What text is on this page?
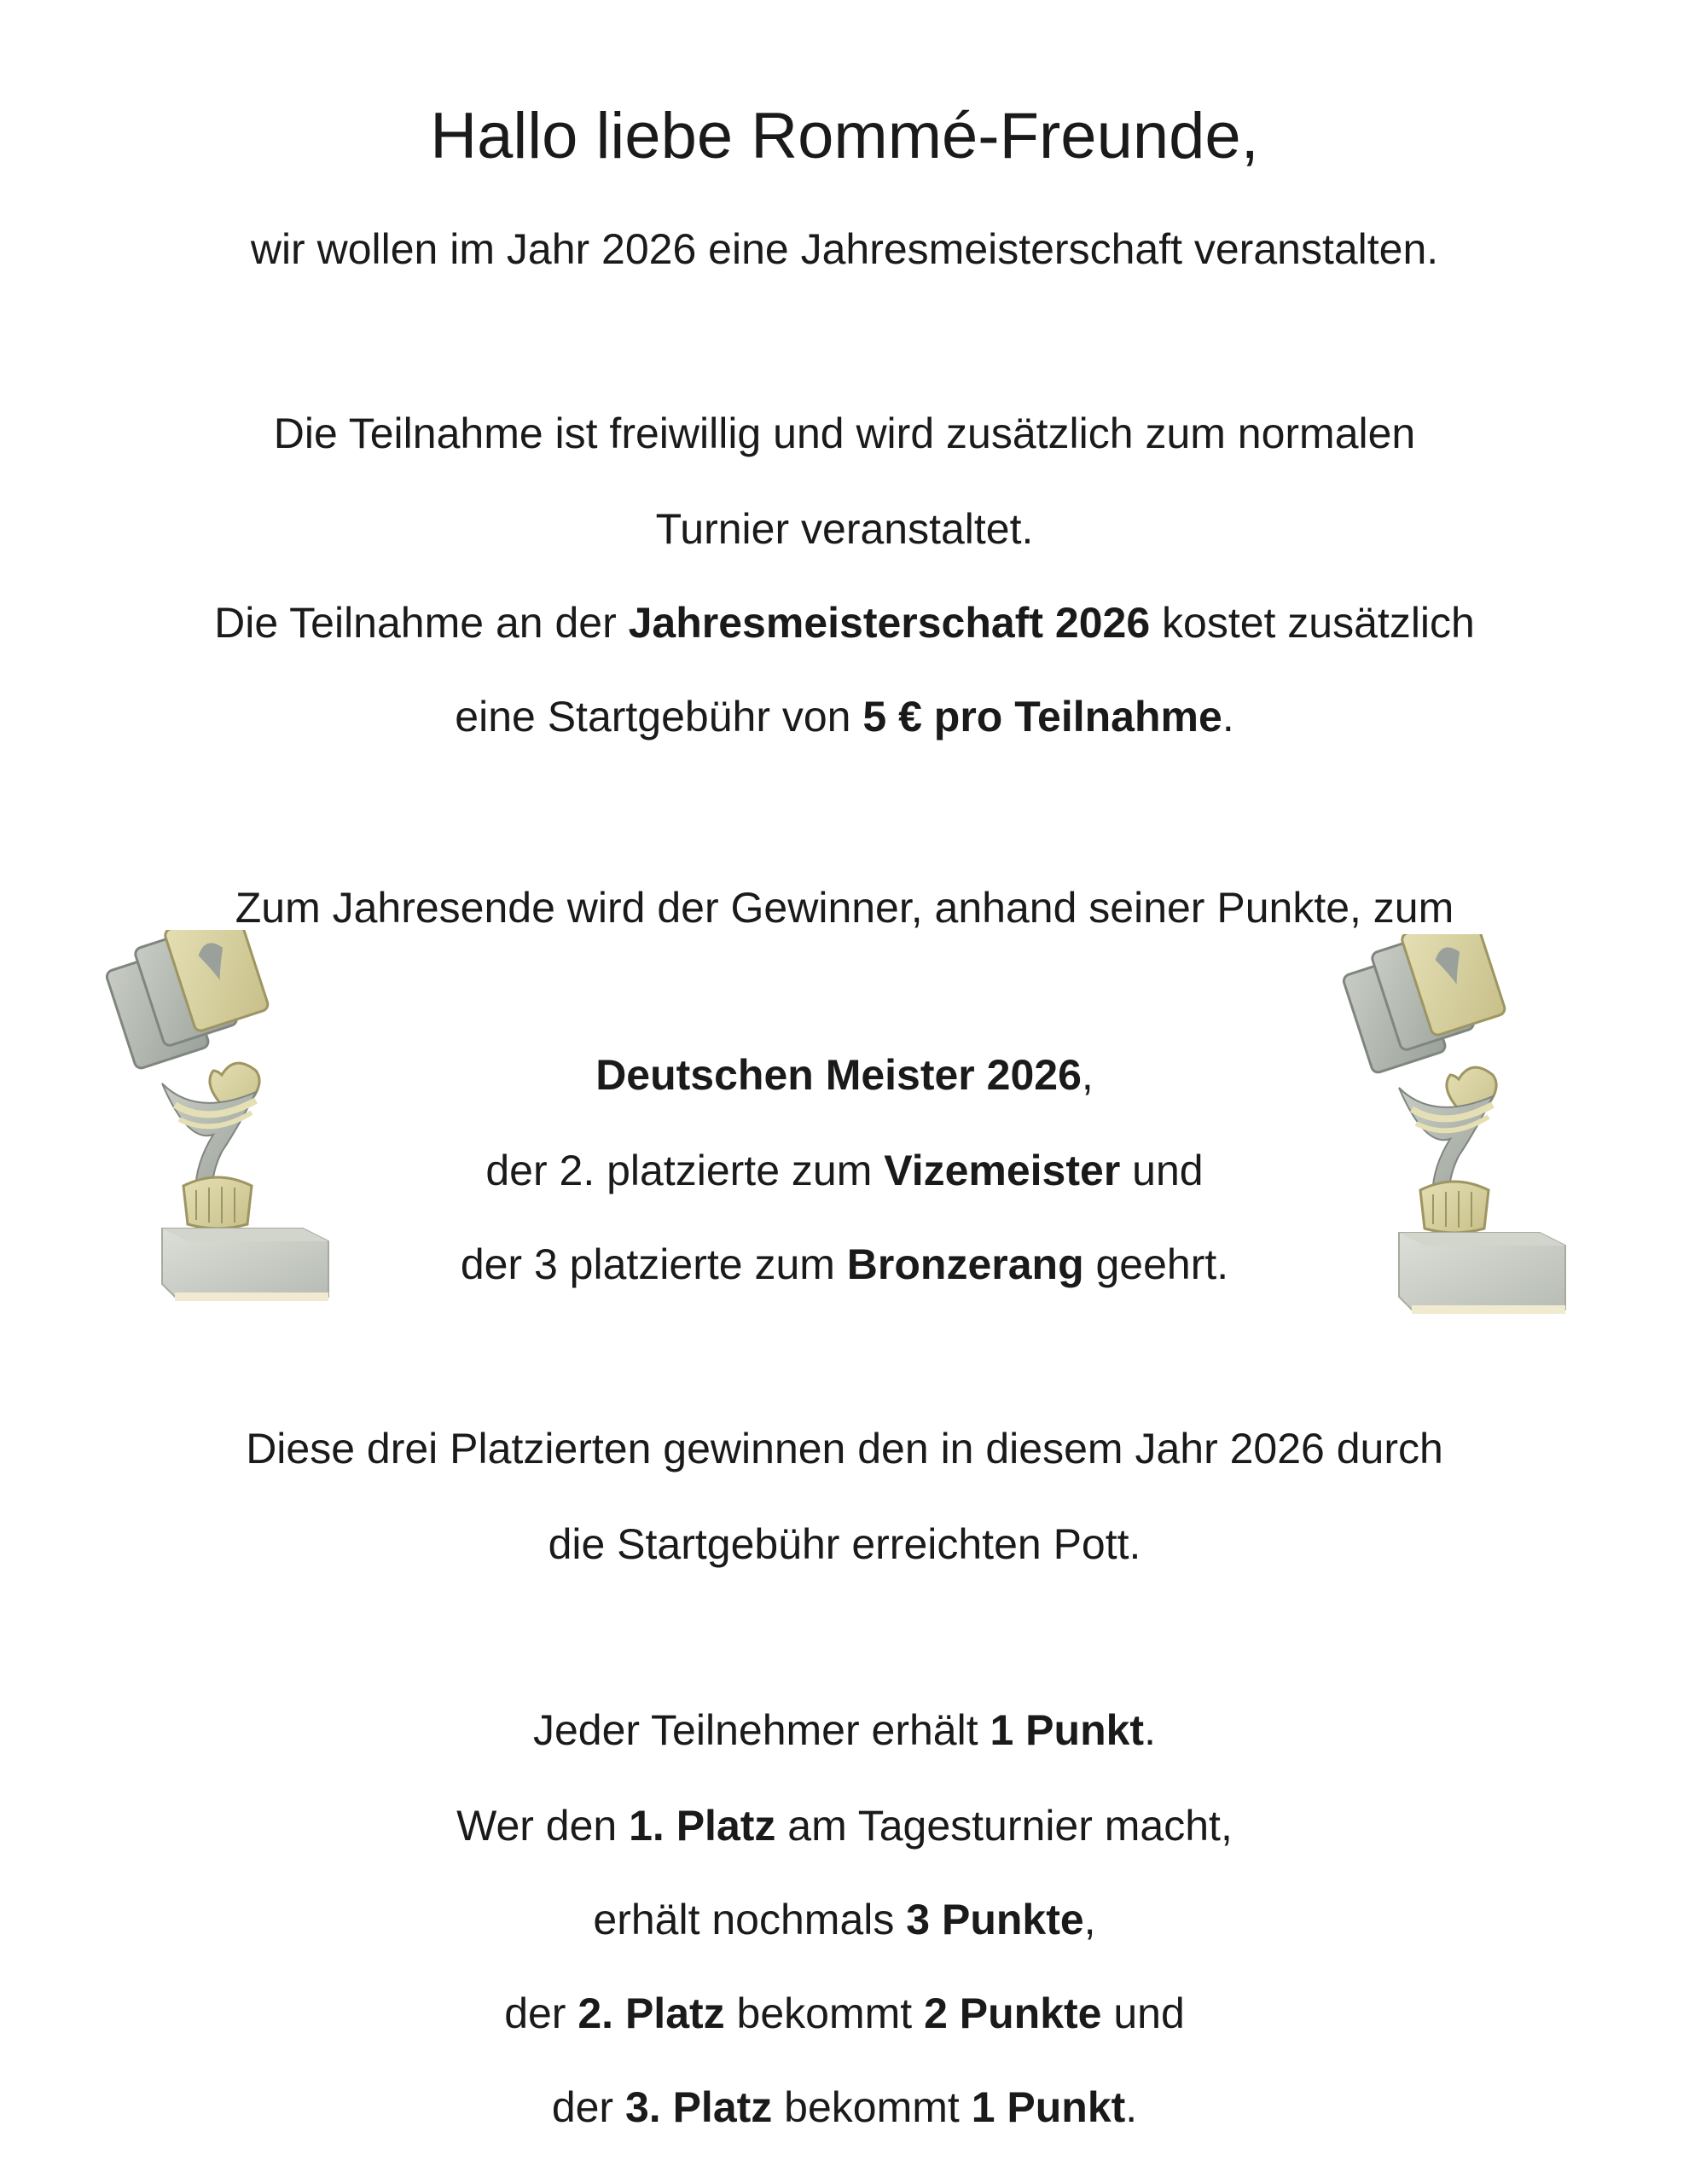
Hallo liebe Rommé-Freunde,
wir wollen im Jahr 2026 eine Jahresmeisterschaft veranstalten.
Die Teilnahme ist freiwillig und wird zusätzlich zum normalen
Turnier veranstaltet.
Die Teilnahme an der Jahresmeisterschaft 2026 kostet zusätzlich
eine Startgebühr von 5 € pro Teilnahme.
Zum Jahresende wird der Gewinner, anhand seiner Punkte, zum
Deutschen Meister 2026,
der 2. platzierte zum Vizemeister und
der 3 platzierte zum Bronzerang geehrt.
Diese drei Platzierten gewinnen den in diesem Jahr 2026 durch
die Startgebühr erreichten Pott.
Jeder Teilnehmer erhält 1 Punkt.
Wer den 1. Platz am Tagesturnier macht,
erhält nochmals 3 Punkte,
der 2. Platz bekommt 2 Punkte und
der 3. Platz bekommt 1 Punkt.
